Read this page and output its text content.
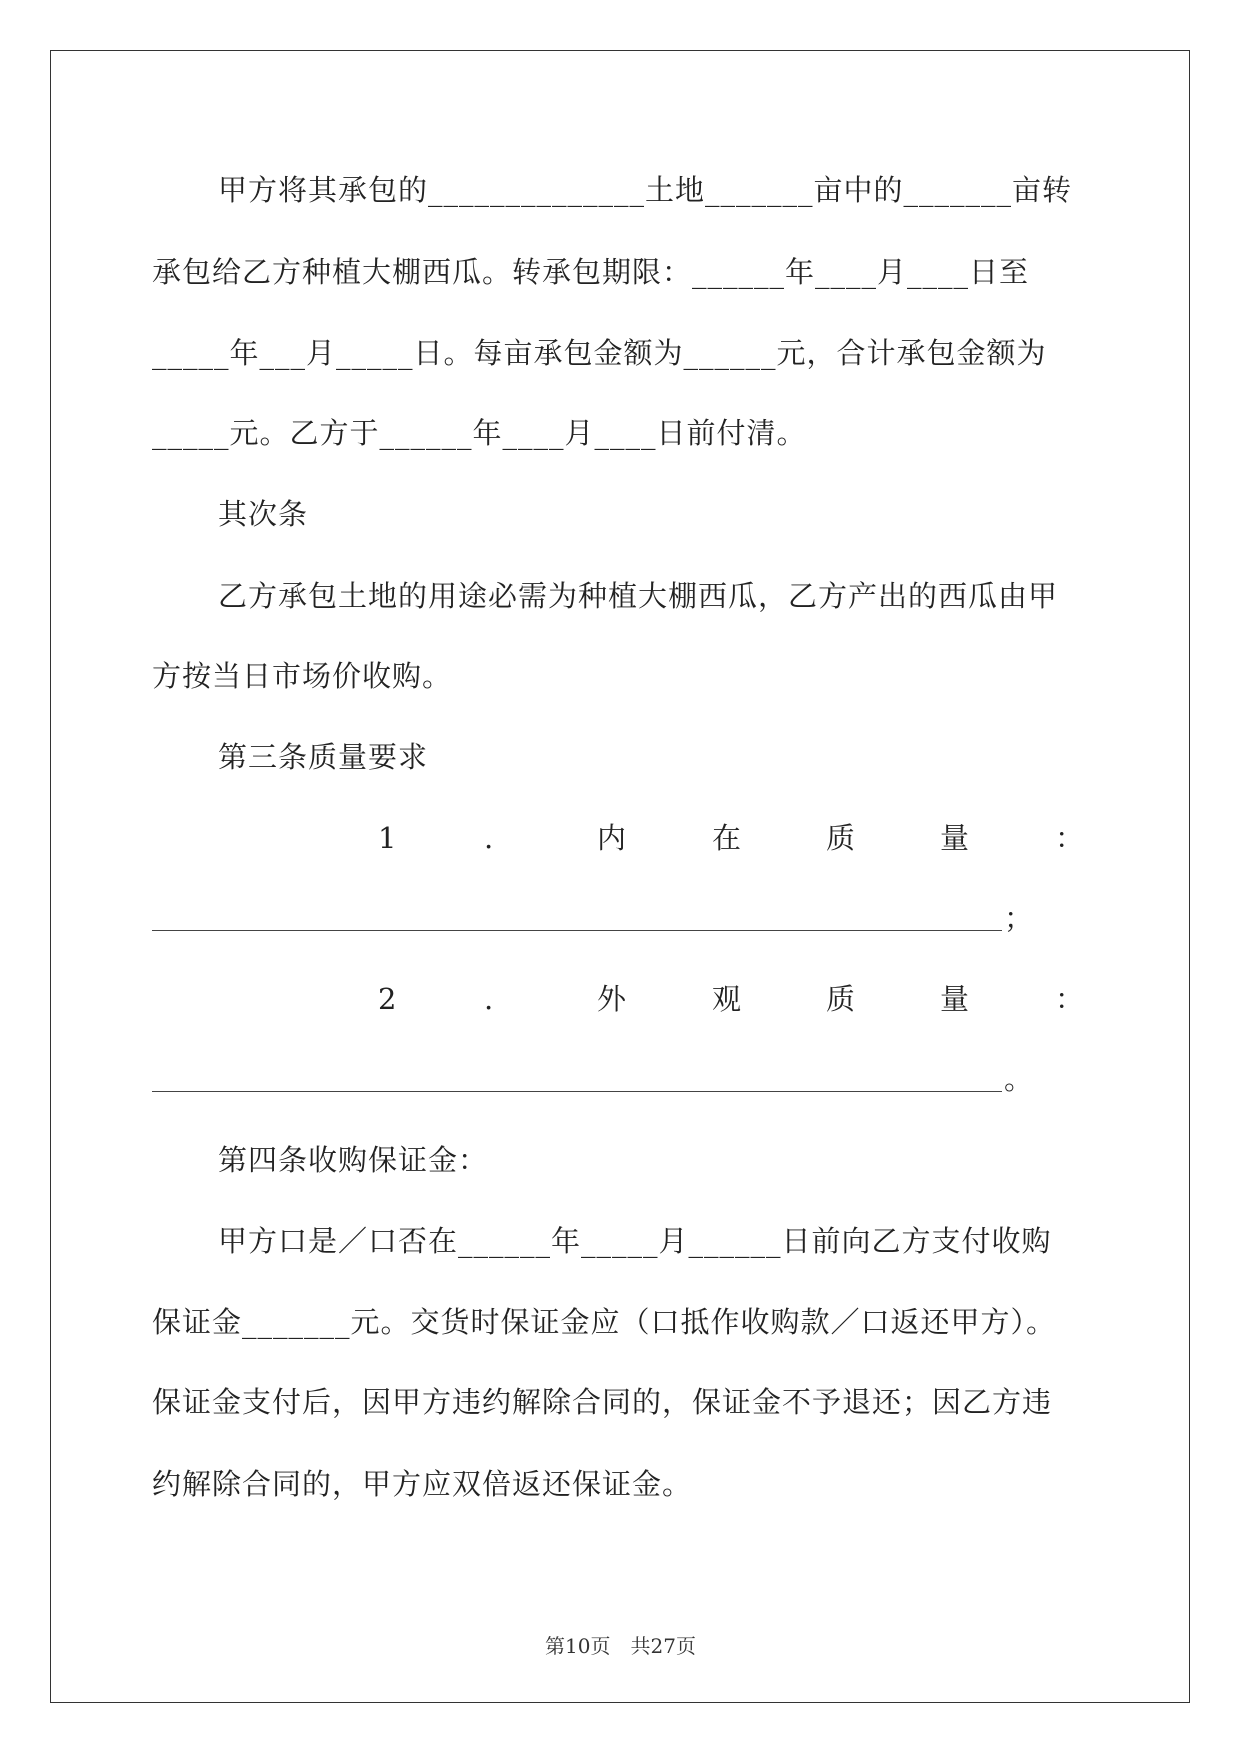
甲方将其承包的______________土地_______亩中的_______亩转
承包给乙方种植大棚西瓜。转承包期限：______年____月____日至
_____年___月_____日。每亩承包金额为______元，合计承包金额为
_____元。乙方于______年____月____日前付清。
其次条
乙方承包土地的用途必需为种植大棚西瓜，乙方产出的西瓜由甲
方按当日市场价收购。
第三条质量要求
1	.	内	在	质	量	：
；
2	.	外	观	质	量	：
。
第四条收购保证金：
甲方口是／口否在______年_____月______日前向乙方支付收购
保证金_______元。交货时保证金应（口抵作收购款／口返还甲方）。
保证金支付后，因甲方违约解除合同的，保证金不予退还；因乙方违
约解除合同的，甲方应双倍返还保证金。
第10页　共27页
